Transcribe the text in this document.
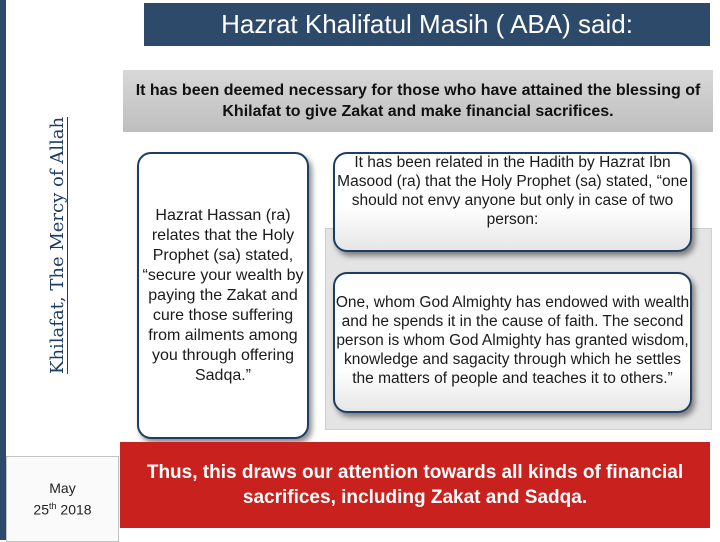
Khilafat, The Mercy of Allah
May
25th 2018
Hazrat Khalifatul Masih ( ABA) said:
It has been deemed necessary for those who have attained the blessing of Khilafat to give Zakat and make financial sacrifices.
Hazrat Hassan (ra) relates that the Holy Prophet (sa) stated, “secure your wealth by paying the Zakat and cure those suffering from ailments among you through offering Sadqa.”
It has been related in the Hadith by Hazrat Ibn Masood (ra) that the Holy Prophet (sa) stated, “one should not envy anyone but only in case of two person:
One, whom God Almighty has endowed with wealth and he spends it in the cause of faith. The second person is whom God Almighty has granted wisdom, knowledge and sagacity through which he settles the matters of people and teaches it to others.”
Thus, this draws our attention towards all kinds of financial sacrifices, including Zakat and Sadqa.
